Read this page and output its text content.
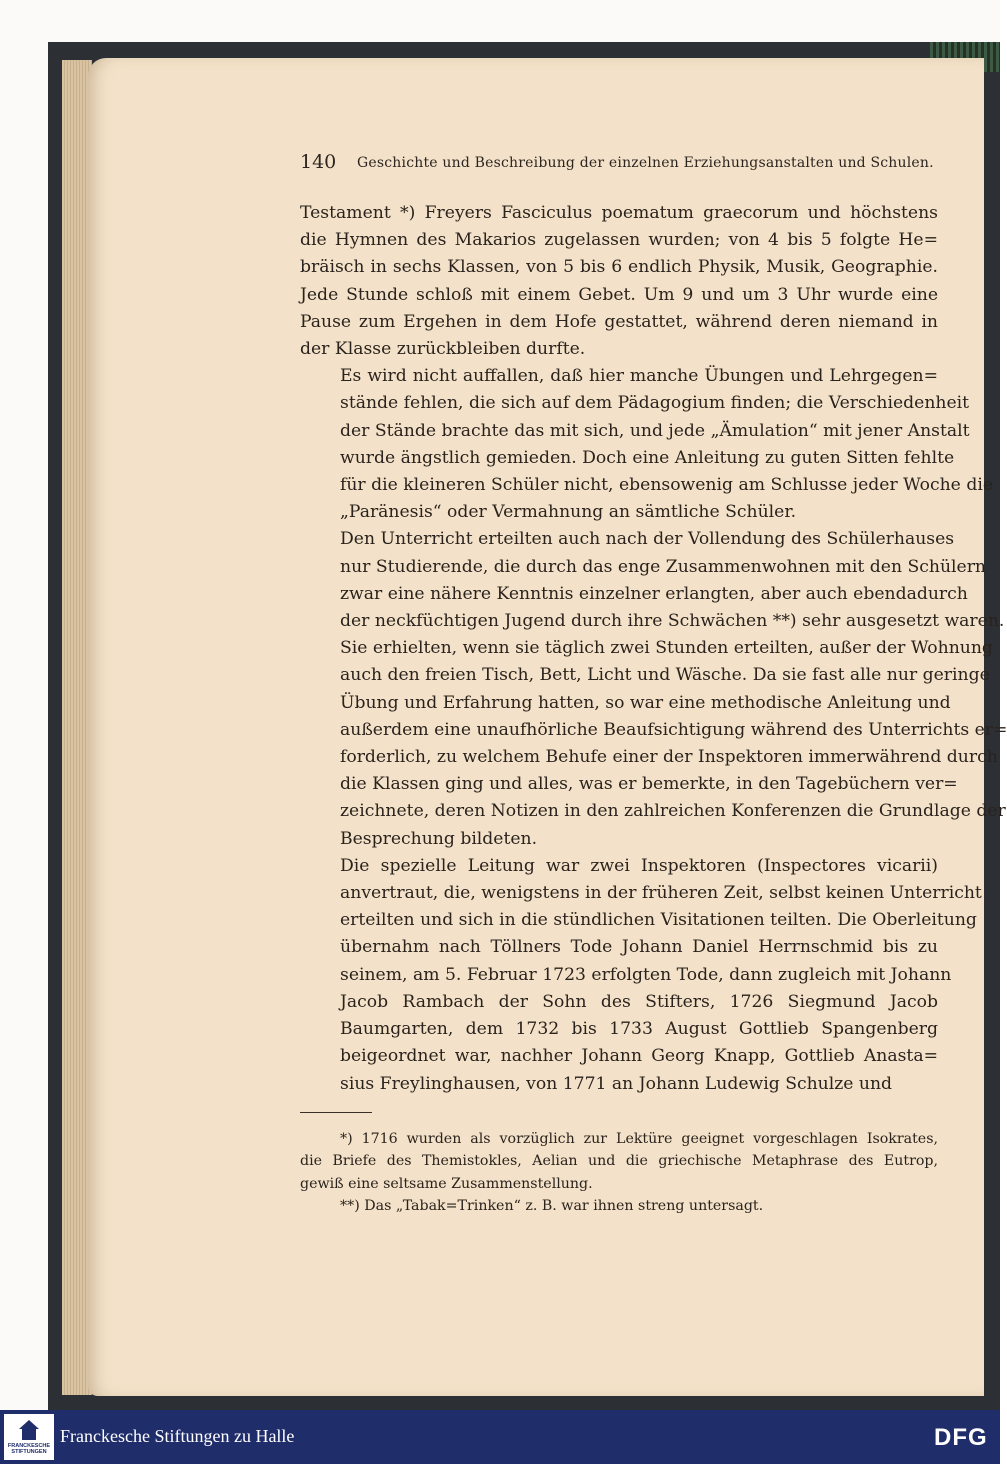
140 Geschichte und Beschreibung der einzelnen Erziehungsanstalten und Schulen.

Testament *) Freyers Fasciculus poematum graecorum und höchstens
die Hymnen des Makarios zugelassen wurden; von 4 bis 5 folgte He=
bräisch in sechs Klassen, von 5 bis 6 endlich Physik, Musik, Geographie.
Jede Stunde schloß mit einem Gebet. Um 9 und um 3 Uhr wurde eine
Pause zum Ergehen in dem Hofe gestattet, während deren niemand in
der Klasse zurückbleiben durfte.

Es wird nicht auffallen, daß hier manche Übungen und Lehrgegen=
stände fehlen, die sich auf dem Pädagogium finden; die Verschiedenheit
der Stände brachte das mit sich, und jede „Ämulation“ mit jener Anstalt
wurde ängstlich gemieden. Doch eine Anleitung zu guten Sitten fehlte
für die kleineren Schüler nicht, ebensowenig am Schlusse jeder Woche die
„Paränesis“ oder Vermahnung an sämtliche Schüler.

Den Unterricht erteilten auch nach der Vollendung des Schülerhauses
nur Studierende, die durch das enge Zusammenwohnen mit den Schülern
zwar eine nähere Kenntnis einzelner erlangten, aber auch ebendadurch
der neckfüchtigen Jugend durch ihre Schwächen **) sehr ausgesetzt waren.
Sie erhielten, wenn sie täglich zwei Stunden erteilten, außer der Wohnung
auch den freien Tisch, Bett, Licht und Wäsche. Da sie fast alle nur geringe
Übung und Erfahrung hatten, so war eine methodische Anleitung und
außerdem eine unaufhörliche Beaufsichtigung während des Unterrichts er=
forderlich, zu welchem Behufe einer der Inspektoren immerwährend durch
die Klassen ging und alles, was er bemerkte, in den Tagebüchern ver=
zeichnete, deren Notizen in den zahlreichen Konferenzen die Grundlage der
Besprechung bildeten.

Die spezielle Leitung war zwei Inspektoren (Inspectores vicarii)
anvertraut, die, wenigstens in der früheren Zeit, selbst keinen Unterricht
erteilten und sich in die stündlichen Visitationen teilten. Die Oberleitung
übernahm nach Töllners Tode Johann Daniel Herrnschmid bis zu
seinem, am 5. Februar 1723 erfolgten Tode, dann zugleich mit Johann
Jacob Rambach der Sohn des Stifters, 1726 Siegmund Jacob
Baumgarten, dem 1732 bis 1733 August Gottlieb Spangenberg
beigeordnet war, nachher Johann Georg Knapp, Gottlieb Anasta=
sius Freylinghausen, von 1771 an Johann Ludewig Schulze und

*) 1716 wurden als vorzüglich zur Lektüre geeignet vorgeschlagen Isokrates,
die Briefe des Themistokles, Aelian und die griechische Metaphrase des Eutrop,
gewiß eine seltsame Zusammenstellung.
**) Das „Tabak=Trinken“ z. B. war ihnen streng untersagt.
FRANCKESCHE
STIFTUNGEN
Franckesche Stiftungen zu Halle	DFG
